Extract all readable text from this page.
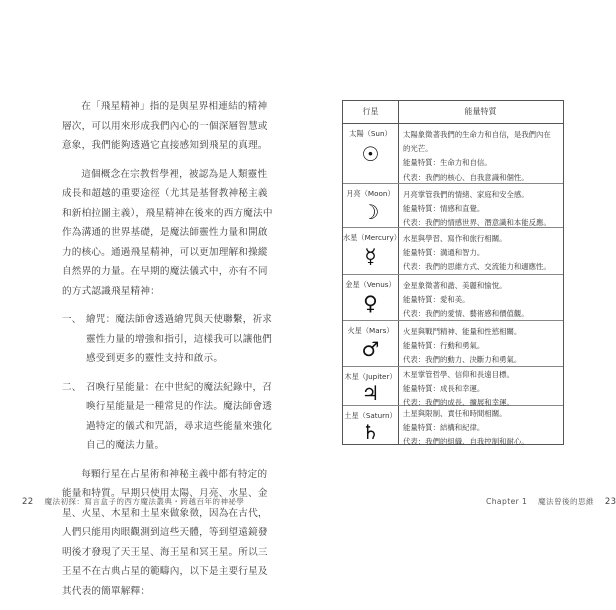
在「飛星精神」指的是與星界相連結的精神層次，可以用來形成我們內心的一個深層智慧或意象，我們能夠透過它直接感知到飛星的真理。

這個概念在宗教哲學裡，被認為是人類靈性成長和超越的重要途徑（尤其是基督教神秘主義和新柏拉圖主義），飛星精神在後來的西方魔法中作為溝通的世界基礎，是魔法師靈性力量和開啟力的核心。通過飛星精神，可以更加理解和操縱自然界的力量。在早期的魔法儀式中，亦有不同的方式認識飛星精神：

一、 繪咒：魔法師會透過繪咒與天使聯繫，祈求靈性力量的增強和指引，這樣我可以讓他們感受到更多的靈性支持和啟示。

二、 召喚行星能量：在中世紀的魔法紀錄中，召喚行星能量是一種常見的作法。魔法師會透過特定的儀式和咒語，尋求這些能量來強化自己的魔法力量。

每顆行星在占星術和神秘主義中都有特定的能量和特質。早期只使用太陽、月亮、水星、金星、火星、木星和土星來做象徵，因為在古代，人們只能用肉眼觀測到這些天體，等到望遠鏡發明後才發現了天王星、海王星和冥王星。所以三王星不在古典占星的範疇內，以下是主要行星及其代表的簡單解釋：

22 魔法初探：寫言盒子的西方魔法叢典・跨越百年的神祕學	Chapter 1 魔法曾後的思維 23
行星	能量特質
太陽（Sun）
☉
太陽象徵著我們的生命力和自信，是我們內在
的光芒。
能量特質：生命力和自信。
代表：我們的核心、自我意識和個性。
月亮（Moon）
☽
月亮掌管我們的情緒、家庭和安全感。
能量特質：情感和直覺。
代表：我們的情感世界、潛意識和本能反應。
水星（Mercury）
☿
水星與學習、寫作和旅行相關。
能量特質：溝通和智力。
代表：我們的思維方式、交流能力和適應性。
金星（Venus）
♀
金星象徵著和諧、美麗和愉悅。
能量特質：愛和美。
代表：我們的愛情、藝術感和價值觀。
火星（Mars）
♂
火星與戰鬥精神、能量和性慾相關。
能量特質：行動和勇氣。
代表：我們的動力、決斷力和勇氣。
木星（Jupiter）
♃
木星掌管哲學、信仰和長遠目標。
能量特質：成長和幸運。
代表：我們的成長、擴展和幸運。
土星（Saturn）
♄
土星與限制、責任和時間相關。
能量特質：結構和紀律。
代表：我們的組織、自我控制和耐心。
